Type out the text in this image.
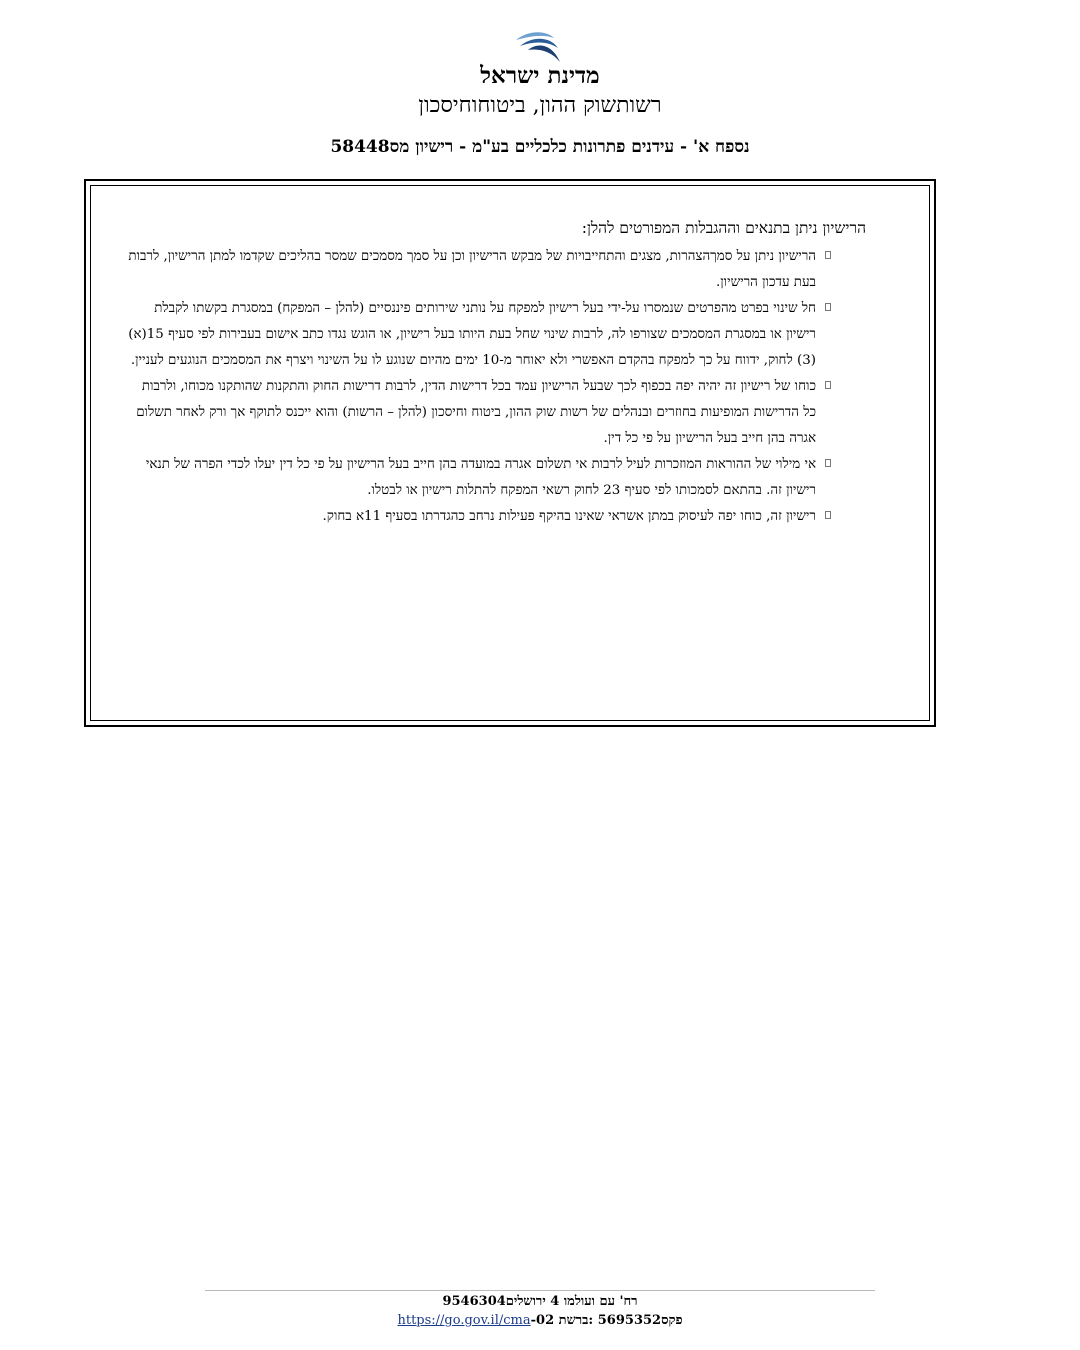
מדינת ישראל
רשותשוק ההון, ביטוחוחיסכון
נספח א' - עידנים פתרונות כלכליים בע"מ - רישיון מס58448
הרישיון ניתן בתנאים וההגבלות המפורטים להלן:
הרישיון ניתן על סמךהצהרות, מצגים והתחייבויות של מבקש הרישיון וכן על סמך מסמכים שמסר בהליכים שקדמו למתן הרישיון, לרבות בעת עדכון הרישיון.
חל שינוי בפרט מהפרטים שנמסרו על-ידי בעל רישיון למפקח על נותני שירותים פיננסיים (להלן – המפקח) במסגרת בקשתו לקבלת רישיון או במסגרת המסמכים שצורפו לה, לרבות שינוי שחל בעת היותו בעל רישיון, או הוגש נגדו כתב אישום בעבירות לפי סעיף 15(א)(3) לחוק, ידווח על כך למפקח בהקדם האפשרי ולא יאוחר מ-10 ימים מהיום שנוגע לו על השינוי ויצרף את המסמכים הנוגעים לעניין.
כוחו של רישיון זה יהיה יפה בכפוף לכך שבעל הרישיון עמד בכל דרישות הדין, לרבות דרישות החוק והתקנות שהותקנו מכוחו, ולרבות כל הדרישות המופיעות בחוזרים ובנהלים של רשות שוק ההון, ביטוח וחיסכון (להלן – הרשות) והוא ייכנס לתוקף אך ורק לאחר תשלום אגרה בהן חייב בעל הרישיון על פי כל דין.
אי מילוי של ההוראות המוזכרות לעיל לרבות אי תשלום אגרה במועדה בהן חייב בעל הרישיון על פי כל דין יעלו לכדי הפרה של תנאי רישיון זה. בהתאם לסמכותו לפי סעיף 23 לחוק רשאי המפקח להתלות רישיון או לבטלו.
רישיון זה, כוחו יפה לעיסוק במתן אשראי שאינו בהיקף פעילות נרחב כהגדרתו בסעיף 11א בחוק.
רח' עם ועולמו 4 ירושלים9546304
פקס5695352 :ברשת 02-https://go.gov.il/cma
